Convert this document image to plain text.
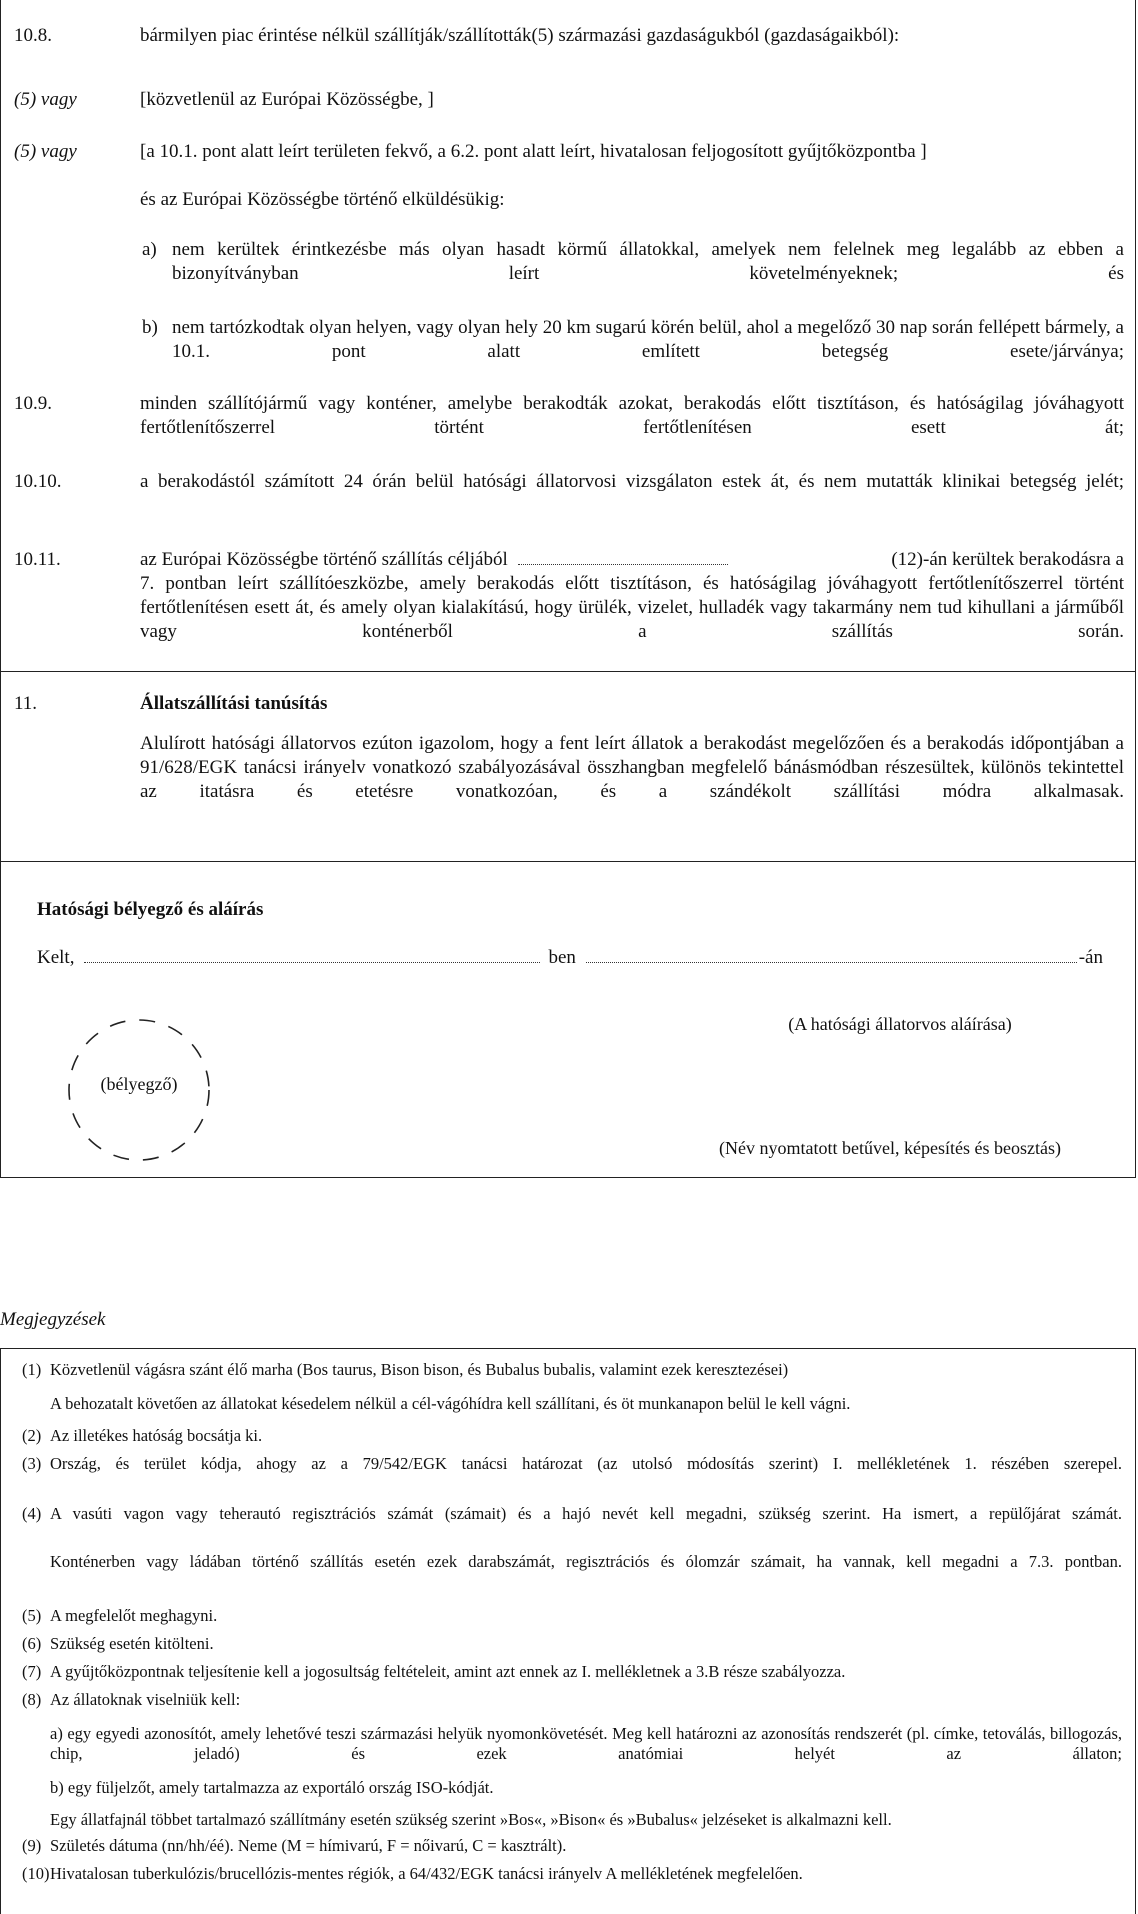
10.8.	bármilyen piac érintése nélkül szállítják/szállították(5) származási gazdaságukból (gazdaságaikból):
(5) vagy	[közvetlenül az Európai Közösségbe, ]
(5) vagy	[a 10.1. pont alatt leírt területen fekvő, a 6.2. pont alatt leírt, hivatalosan feljogosított gyűjtőközpontba ]
és az Európai Közösségbe történő elküldésükig:
a) nem kerültek érintkezésbe más olyan hasadt körmű állatokkal, amelyek nem felelnek meg legalább az ebben a bizonyítványban leírt követelményeknek; és
b) nem tartózkodtak olyan helyen, vagy olyan hely 20 km sugarú körén belül, ahol a megelőző 30 nap során fellépett bármely, a 10.1. pont alatt említett betegség esete/járványa;
10.9.	minden szállítójármű vagy konténer, amelybe berakodták azokat, berakodás előtt tisztításon, és hatóságilag jóváhagyott fertőtlenítőszerrel történt fertőtlenítésen esett át;
10.10.	a berakodástól számított 24 órán belül hatósági állatorvosi vizsgálaton estek át, és nem mutatták klinikai betegség jelét;
10.11.	az Európai Közösségbe történő szállítás céljából	(12)-án kerültek berakodásra a
7. pontban leírt szállítóeszközbe, amely berakodás előtt tisztításon, és hatóságilag jóváhagyott fertőtlenítőszerrel történt fertőtlenítésen esett át, és amely olyan kialakítású, hogy ürülék, vizelet, hulladék vagy takarmány nem tud kihullani a járműből vagy konténerből a szállítás során.
11.	Állatszállítási tanúsítás
Alulírott hatósági állatorvos ezúton igazolom, hogy a fent leírt állatok a berakodást megelőzően és a berakodás időpontjában a 91/628/EGK tanácsi irányelv vonatkozó szabályozásával összhangban megfelelő bánásmódban részesültek, különös tekintettel az itatásra és etetésre vonatkozóan, és a szándékolt szállítási módra alkalmasak.
Hatósági bélyegző és aláírás
Kelt,	ben	-án
(bélyegző)
(A hatósági állatorvos aláírása)
(Név nyomtatott betűvel, képesítés és beosztás)
Megjegyzések
(1) Közvetlenül vágásra szánt élő marha (Bos taurus, Bison bison, és Bubalus bubalis, valamint ezek keresztezései)
A behozatalt követően az állatokat késedelem nélkül a cél-vágóhídra kell szállítani, és öt munkanapon belül le kell vágni.
(2) Az illetékes hatóság bocsátja ki.
(3) Ország, és terület kódja, ahogy az a 79/542/EGK tanácsi határozat (az utolsó módosítás szerint) I. mellékletének 1. részében szerepel.
(4) A vasúti vagon vagy teherautó regisztrációs számát (számait) és a hajó nevét kell megadni, szükség szerint. Ha ismert, a repülőjárat számát.
Konténerben vagy ládában történő szállítás esetén ezek darabszámát, regisztrációs és ólomzár számait, ha vannak, kell megadni a 7.3. pontban.
(5) A megfelelőt meghagyni.
(6) Szükség esetén kitölteni.
(7) A gyűjtőközpontnak teljesítenie kell a jogosultság feltételeit, amint azt ennek az I. mellékletnek a 3.B része szabályozza.
(8) Az állatoknak viselniük kell:
a) egy egyedi azonosítót, amely lehetővé teszi származási helyük nyomonkövetését. Meg kell határozni az azonosítás rendszerét (pl. címke, tetoválás, billogozás, chip, jeladó) és ezek anatómiai helyét az állaton;
b) egy füljelzőt, amely tartalmazza az exportáló ország ISO-kódját.
Egy állatfajnál többet tartalmazó szállítmány esetén szükség szerint »Bos«, »Bison« és »Bubalus« jelzéseket is alkalmazni kell.
(9) Születés dátuma (nn/hh/éé). Neme (M = hímivarú, F = nőivarú, C = kasztrált).
(10) Hivatalosan tuberkulózis/brucellózis-mentes régiók, a 64/432/EGK tanácsi irányelv A mellékletének megfelelően.
